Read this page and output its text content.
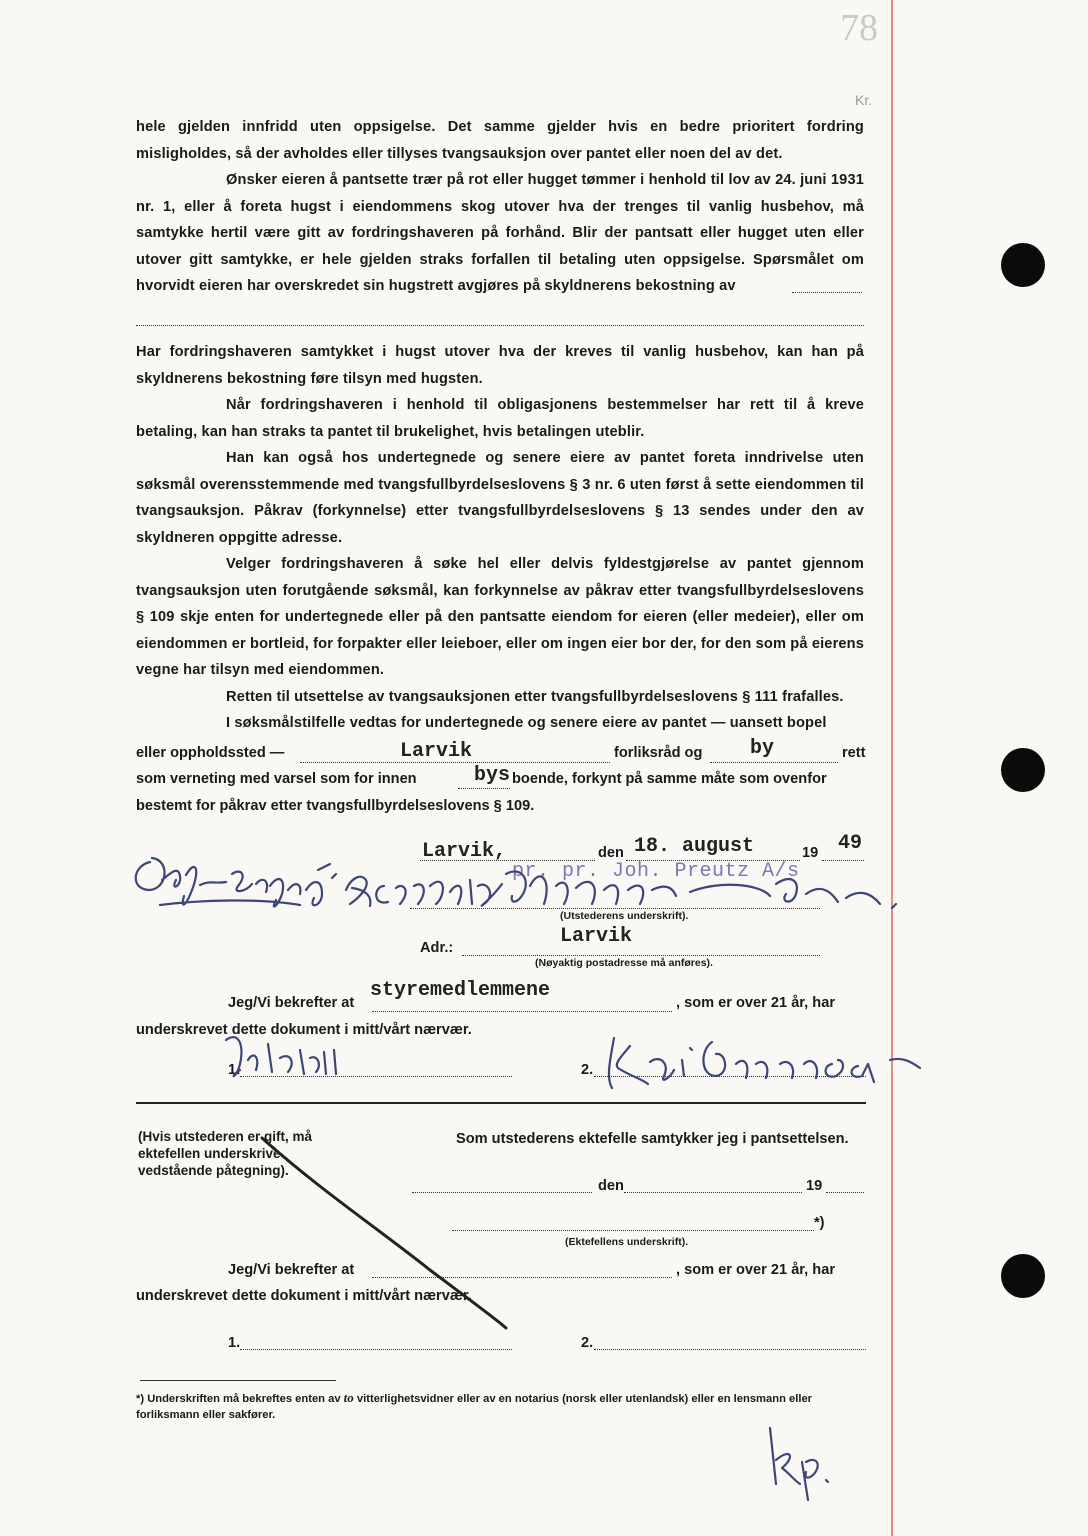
78
Kr.

hele gjelden innfridd uten oppsigelse. Det samme gjelder hvis en bedre prioritert fordring misligholdes, så der avholdes eller tillyses tvangsauksjon over pantet eller noen del av det.

Ønsker eieren å pantsette trær på rot eller hugget tømmer i henhold til lov av 24. juni 1931 nr. 1, eller å foreta hugst i eiendommens skog utover hva der trenges til vanlig husbehov, må samtykke hertil være gitt av fordringshaveren på forhånd. Blir der pantsatt eller hugget uten eller utover gitt samtykke, er hele gjelden straks forfallen til betaling uten oppsigelse. Spørsmålet om hvorvidt eieren har overskredet sin hugstrett avgjøres på skyldnerens bekostning av

Har fordringshaveren samtykket i hugst utover hva der kreves til vanlig husbehov, kan han på skyldnerens bekostning føre tilsyn med hugsten.

Når fordringshaveren i henhold til obligasjonens bestemmelser har rett til å kreve betaling, kan han straks ta pantet til brukelighet, hvis betalingen uteblir.

Han kan også hos undertegnede og senere eiere av pantet foreta inndrivelse uten søksmål overensstemmende med tvangsfullbyrdelseslovens § 3 nr. 6 uten først å sette eiendommen til tvangsauksjon. Påkrav (forkynnelse) etter tvangsfullbyrdelseslovens § 13 sendes under den av skyldneren oppgitte adresse.

Velger fordringshaveren å søke hel eller delvis fyldestgjørelse av pantet gjennom tvangsauksjon uten forutgående søksmål, kan forkynnelse av påkrav etter tvangsfullbyrdelseslovens § 109 skje enten for undertegnede eller på den pantsatte eiendom for eieren (eller medeier), eller om eiendommen er bortleid, for forpakter eller leieboer, eller om ingen eier bor der, for den som på eierens vegne har tilsyn med eiendommen.

Retten til utsettelse av tvangsauksjonen etter tvangsfullbyrdelseslovens § 111 frafalles.

I søksmålstilfelle vedtas for undertegnede og senere eiere av pantet — uansett bopel

eller oppholdssted —	Larvik	forliksråd og by	rett
som verneting med varsel som for innen	bys boende, forkynt på samme måte som ovenfor
bestemt for påkrav etter tvangsfullbyrdelseslovens § 109.
Larvik,	den 18. august	19 49
pr. pr. Joh. Preutz A/s
(Utstederens underskrift).
Adr.:	Larvik
(Nøyaktig postadresse må anføres).
Jeg/Vi bekrefter at
styremedlemmene
, som er over 21 år, har
underskrevet dette dokument i mitt/vårt nærvær.
1.	2.
(Hvis utstederen er gift, må ektefellen underskrive vedstående påtegning).
Som utstederens ektefelle samtykker jeg i pantsettelsen.
den	19
*)
(Ektefellens underskrift).
Jeg/Vi bekrefter at	, som er over 21 år, har
underskrevet dette dokument i mitt/vårt nærvær.
1.	2.
*) Underskriften må bekreftes enten av to vitterlighetsvidner eller av en notarius (norsk eller utenlandsk) eller en lensmann eller forliksmann eller sakfører.
